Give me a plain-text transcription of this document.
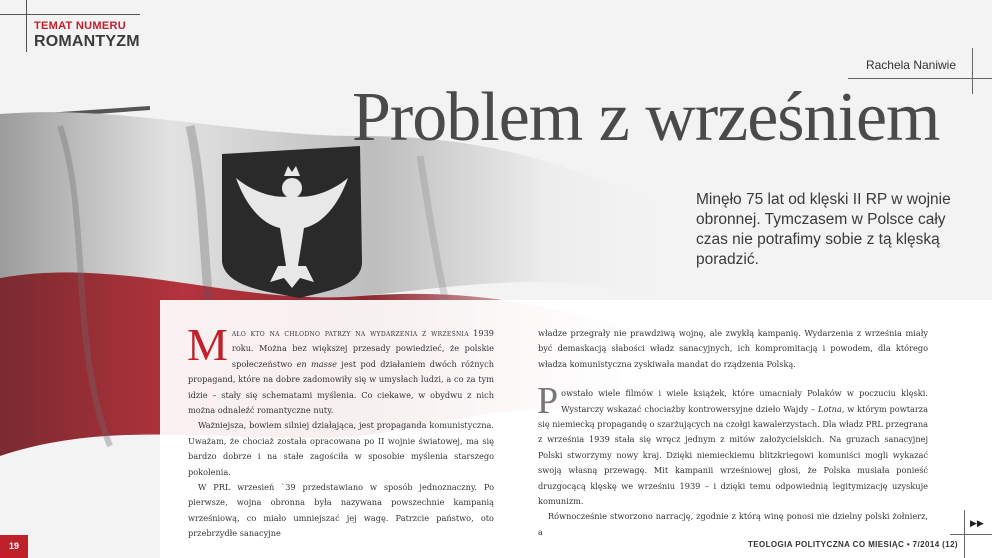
TEMAT NUMERU
ROMANTYZM
Rachela Naniwie
Problem z wrześniem
Minęło 75 lat od klęski II RP w wojnie obronnej. Tymczasem w Polsce cały czas nie potrafimy sobie z tą klęską poradzić.

M ało kto na chłodno patrzy na wydarzenia z września 1939 roku. Można bez większej przesady powiedzieć, że polskie społeczeństwo en masse jest pod działaniem dwóch różnych propagand, które na dobre zadomowiły się w umysłach ludzi, a co za tym idzie – stały się schematami myślenia. Co ciekawe, w obydwu z nich można odnaleźć romantyczne nuty.

Ważniejsza, bowiem silniej działająca, jest propaganda komunistyczna. Uważam, że chociaż została opracowana po II wojnie światowej, ma się bardzo dobrze i na stałe zagościła w sposobie myślenia starszego pokolenia.

W PRL wrzesień `39 przedstawiano w sposób jednoznaczny. Po pierwsze, wojna obronna była nazywana powszechnie kampanią wrześniową, co miało umniejszać jej wagę. Patrzcie państwo, oto przebrzydłe sanacyjne

władze przegrały nie prawdziwą wojnę, ale zwykłą kampanię. Wydarzenia z września miały być demaskacją słabości władz sanacyjnych, ich kompromitacją i powodem, dla którego władza komunistyczna zyskiwała mandat do rządzenia Polską.

P owstało wiele filmów i wiele książek, które umacniały Polaków w poczuciu klęski. Wystarczy wskazać chociażby kontrowersyjne dzieło Wajdy – Lotna, w którym powtarza się niemiecką propagandę o szarżujących na czołgi kawalerzystach. Dla władz PRL przegrana z września 1939 stała się wręcz jednym z mitów założycielskich. Na gruzach sanacyjnej Polski stworzymy nowy kraj. Dzięki niemieckiemu blitzkriegowi komuniści mogli wykazać swoją własną przewagę. Mit kampanii wrześniowej głosi, że Polska musiała ponieść druzgocącą klęskę we wrześniu 1939 – i dzięki temu odpowiednią legitymizację uzyskuje komunizm.

Równocześnie stworzono narrację, zgodnie z którą winę ponosi nie dzielny polski żołnierz, a

▶▶
19	TEOLOGIA POLITYCZNA CO MIESIĄC • 7/2014 (12)
